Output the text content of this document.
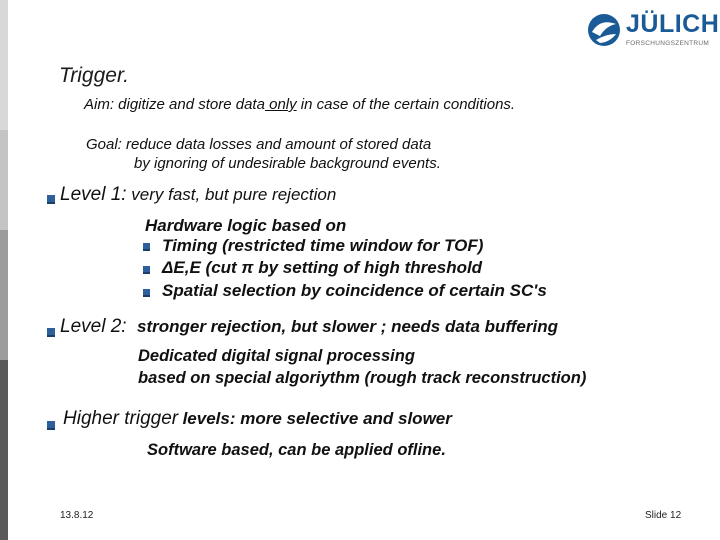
JÜLICH
FORSCHUNGSZENTRUM
Trigger.
Aim: digitize and store data only in case of the certain conditions.
Goal: reduce data losses and amount of stored data
by ignoring of undesirable background events.
Level 1: very fast, but pure rejection
Hardware logic based on
Timing (restricted time window for TOF)
ΔE,E (cut π by setting of high threshold
Spatial selection by coincidence of certain SC's
Level 2: stronger rejection, but slower ; needs data buffering
Dedicated digital signal processing
based on special algoriythm (rough track reconstruction)
Higher trigger levels: more selective and slower
Software based, can be applied ofline.
13.8.12	Slide 12
